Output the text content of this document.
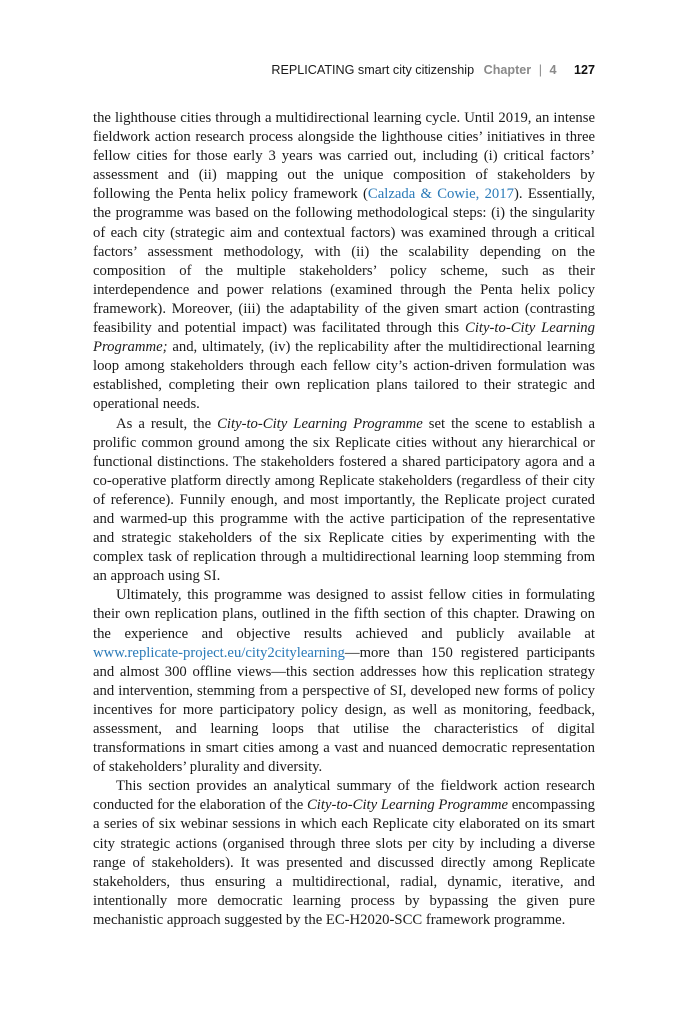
REPLICATING smart city citizenship Chapter | 4 127

the lighthouse cities through a multidirectional learning cycle. Until 2019, an intense fieldwork action research process alongside the lighthouse cities’ initiatives in three fellow cities for those early 3 years was carried out, including (i) critical factors’ assessment and (ii) mapping out the unique composition of stakeholders by following the Penta helix policy framework (Calzada & Cowie, 2017). Essentially, the programme was based on the following methodological steps: (i) the singularity of each city (strategic aim and contextual factors) was examined through a critical factors’ assessment methodology, with (ii) the scalability depending on the composition of the multiple stakeholders’ policy scheme, such as their interdependence and power relations (examined through the Penta helix policy framework). Moreover, (iii) the adaptability of the given smart action (contrasting feasibility and potential impact) was facilitated through this City-to-City Learning Programme; and, ultimately, (iv) the replicability after the multidirectional learning loop among stakeholders through each fellow city’s action-driven formulation was established, completing their own replication plans tailored to their strategic and operational needs.

As a result, the City-to-City Learning Programme set the scene to establish a prolific common ground among the six Replicate cities without any hierarchical or functional distinctions. The stakeholders fostered a shared participatory agora and a co-operative platform directly among Replicate stakeholders (regardless of their city of reference). Funnily enough, and most importantly, the Replicate project curated and warmed-up this programme with the active participation of the representative and strategic stakeholders of the six Replicate cities by experimenting with the complex task of replication through a multidirectional learning loop stemming from an approach using SI.

Ultimately, this programme was designed to assist fellow cities in formulating their own replication plans, outlined in the fifth section of this chapter. Drawing on the experience and objective results achieved and publicly available at www.replicate-project.eu/city2citylearning—more than 150 registered participants and almost 300 offline views—this section addresses how this replication strategy and intervention, stemming from a perspective of SI, developed new forms of policy incentives for more participatory policy design, as well as monitoring, feedback, assessment, and learning loops that utilise the characteristics of digital transformations in smart cities among a vast and nuanced democratic representation of stakeholders’ plurality and diversity.

This section provides an analytical summary of the fieldwork action research conducted for the elaboration of the City-to-City Learning Programme encompassing a series of six webinar sessions in which each Replicate city elaborated on its smart city strategic actions (organised through three slots per city by including a diverse range of stakeholders). It was presented and discussed directly among Replicate stakeholders, thus ensuring a multidirectional, radial, dynamic, iterative, and intentionally more democratic learning process by bypassing the given pure mechanistic approach suggested by the EC-H2020-SCC framework programme.
